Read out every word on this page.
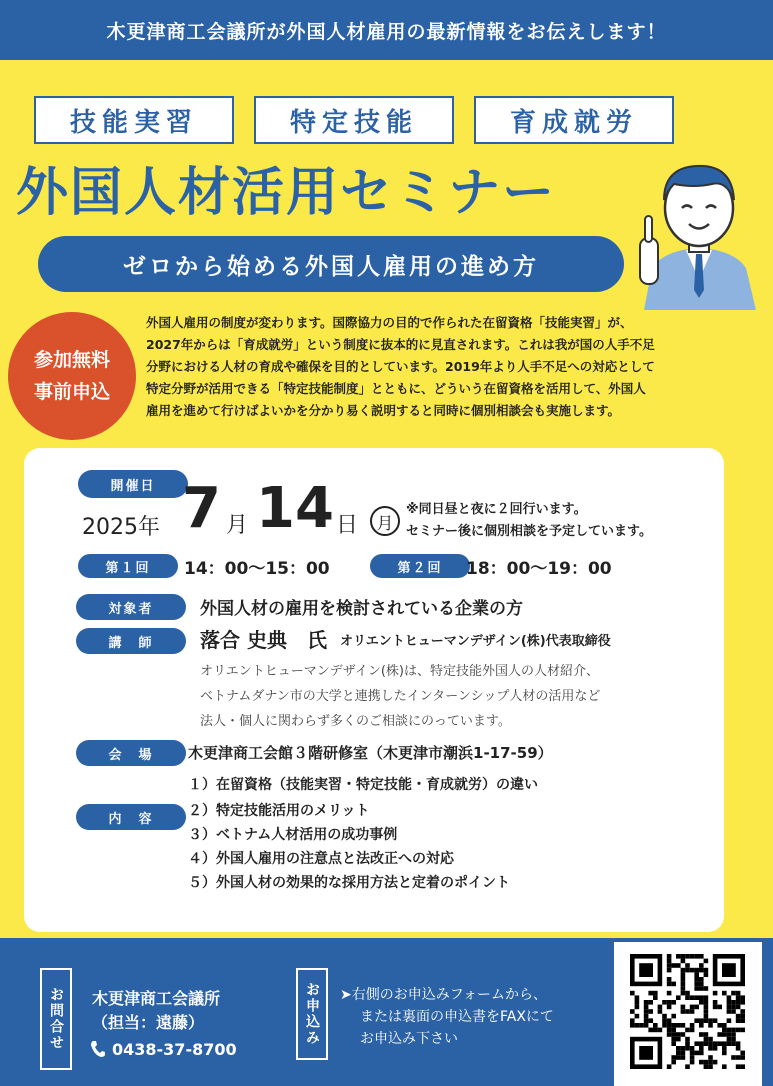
木更津商工会議所が外国人材雇用の最新情報をお伝えします！
技能実習	特定技能	育成就労
外国人材活用セミナー
ゼロから始める外国人雇用の進め方
参加無料
事前申込
外国人雇用の制度が変わります。国際協力の目的で作られた在留資格「技能実習」が、
2027年からは「育成就労」という制度に抜本的に見直されます。これは我が国の人手不足
分野における人材の育成や確保を目的としています。2019年より人手不足への対応として
特定分野が活用できる「特定技能制度」とともに、どういう在留資格を活用して、外国人
雇用を進めて行けばよいかを分かり易く説明すると同時に個別相談会も実施します。
開催日
2025年 7 月 14 日	月
※同日昼と夜に２回行います。
セミナー後に個別相談を予定しています。
第１回	14：00〜15：00	第２回	18：00〜19：00
対象者	外国人材の雇用を検討されている企業の方
講　師	落合 史典　氏 オリエントヒューマンデザイン(株)代表取締役
オリエントヒューマンデザイン(株)は、特定技能外国人の人材紹介、
ベトナムダナン市の大学と連携したインターンシップ人材の活用など
法人・個人に関わらず多くのご相談にのっています。
会　場	木更津商工会館３階研修室（木更津市潮浜1-17-59）
内　容
１）在留資格（技能実習・特定技能・育成就労）の違い
２）特定技能活用のメリット
３）ベトナム人材活用の成功事例
４）外国人雇用の注意点と法改正への対応
５）外国人材の効果的な採用方法と定着のポイント
お問合せ 木更津商工会議所
（担当：遠藤）
0438-37-8700
お申込み ➤右側のお申込みフォームから、
または裏面の申込書をFAXにて
お申込み下さい
